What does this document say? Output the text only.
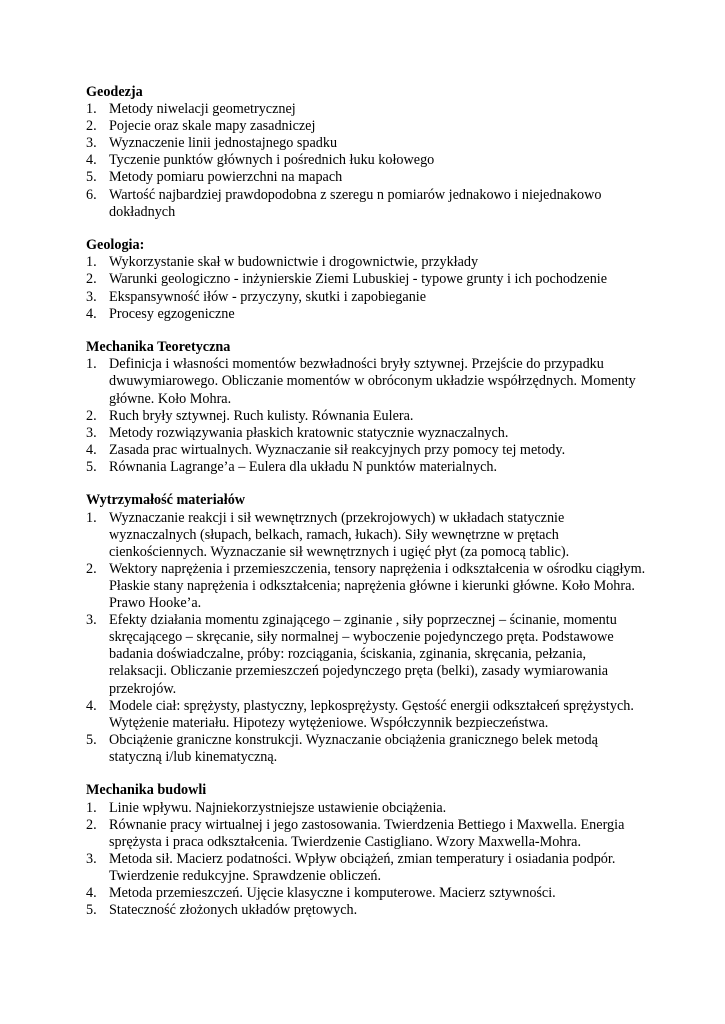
Geodezja

1. Metody niwelacji geometrycznej
2. Pojecie oraz skale mapy zasadniczej
3. Wyznaczenie linii jednostajnego spadku
4. Tyczenie punktów głównych i pośrednich łuku kołowego
5. Metody pomiaru powierzchni na mapach
6. Wartość najbardziej prawdopodobna z szeregu n pomiarów jednakowo i niejednakowo dokładnych

Geologia:

1. Wykorzystanie skał w budownictwie i drogownictwie, przykłady
2. Warunki geologiczno - inżynierskie Ziemi Lubuskiej - typowe grunty i ich pochodzenie
3. Ekspansywność iłów - przyczyny, skutki i zapobieganie
4. Procesy egzogeniczne

Mechanika Teoretyczna

1. Definicja i własności momentów bezwładności bryły sztywnej. Przejście do przypadku dwuwymiarowego. Obliczanie momentów w obróconym układzie współrzędnych. Momenty główne. Koło Mohra.
2. Ruch bryły sztywnej. Ruch kulisty. Równania Eulera.
3. Metody rozwiązywania płaskich kratownic statycznie wyznaczalnych.
4. Zasada prac wirtualnych. Wyznaczanie sił reakcyjnych przy pomocy tej metody.
5. Równania Lagrange’a – Eulera dla układu N punktów materialnych.

Wytrzymałość materiałów

1. Wyznaczanie reakcji i sił wewnętrznych (przekrojowych) w układach statycznie wyznaczalnych (słupach, belkach, ramach, łukach). Siły wewnętrzne w prętach cienkościennych. Wyznaczanie sił wewnętrznych i ugięć płyt (za pomocą tablic).
2. Wektory naprężenia i przemieszczenia, tensory naprężenia i odkształcenia w ośrodku ciągłym. Płaskie stany naprężenia i odkształcenia; naprężenia główne i kierunki główne. Koło Mohra. Prawo Hooke’a.
3. Efekty działania momentu zginającego – zginanie , siły poprzecznej – ścinanie, momentu skręcającego – skręcanie, siły normalnej – wyboczenie pojedynczego pręta. Podstawowe badania doświadczalne, próby: rozciągania, ściskania, zginania, skręcania, pełzania, relaksacji. Obliczanie przemieszczeń pojedynczego pręta (belki), zasady wymiarowania przekrojów.
4. Modele ciał: sprężysty, plastyczny, lepkosprężysty. Gęstość energii odkształceń sprężystych. Wytężenie materiału. Hipotezy wytężeniowe. Współczynnik bezpieczeństwa.
5. Obciążenie graniczne konstrukcji. Wyznaczanie obciążenia granicznego belek metodą statyczną i/lub kinematyczną.

Mechanika budowli

1. Linie wpływu. Najniekorzystniejsze ustawienie obciążenia.
2. Równanie pracy wirtualnej i jego zastosowania. Twierdzenia Bettiego i Maxwella. Energia sprężysta i praca odkształcenia. Twierdzenie Castigliano. Wzory Maxwella-Mohra.
3. Metoda sił. Macierz podatności. Wpływ obciążeń, zmian temperatury i osiadania podpór. Twierdzenie redukcyjne. Sprawdzenie obliczeń.
4. Metoda przemieszczeń. Ujęcie klasyczne i komputerowe. Macierz sztywności.
5. Stateczność złożonych układów prętowych.
